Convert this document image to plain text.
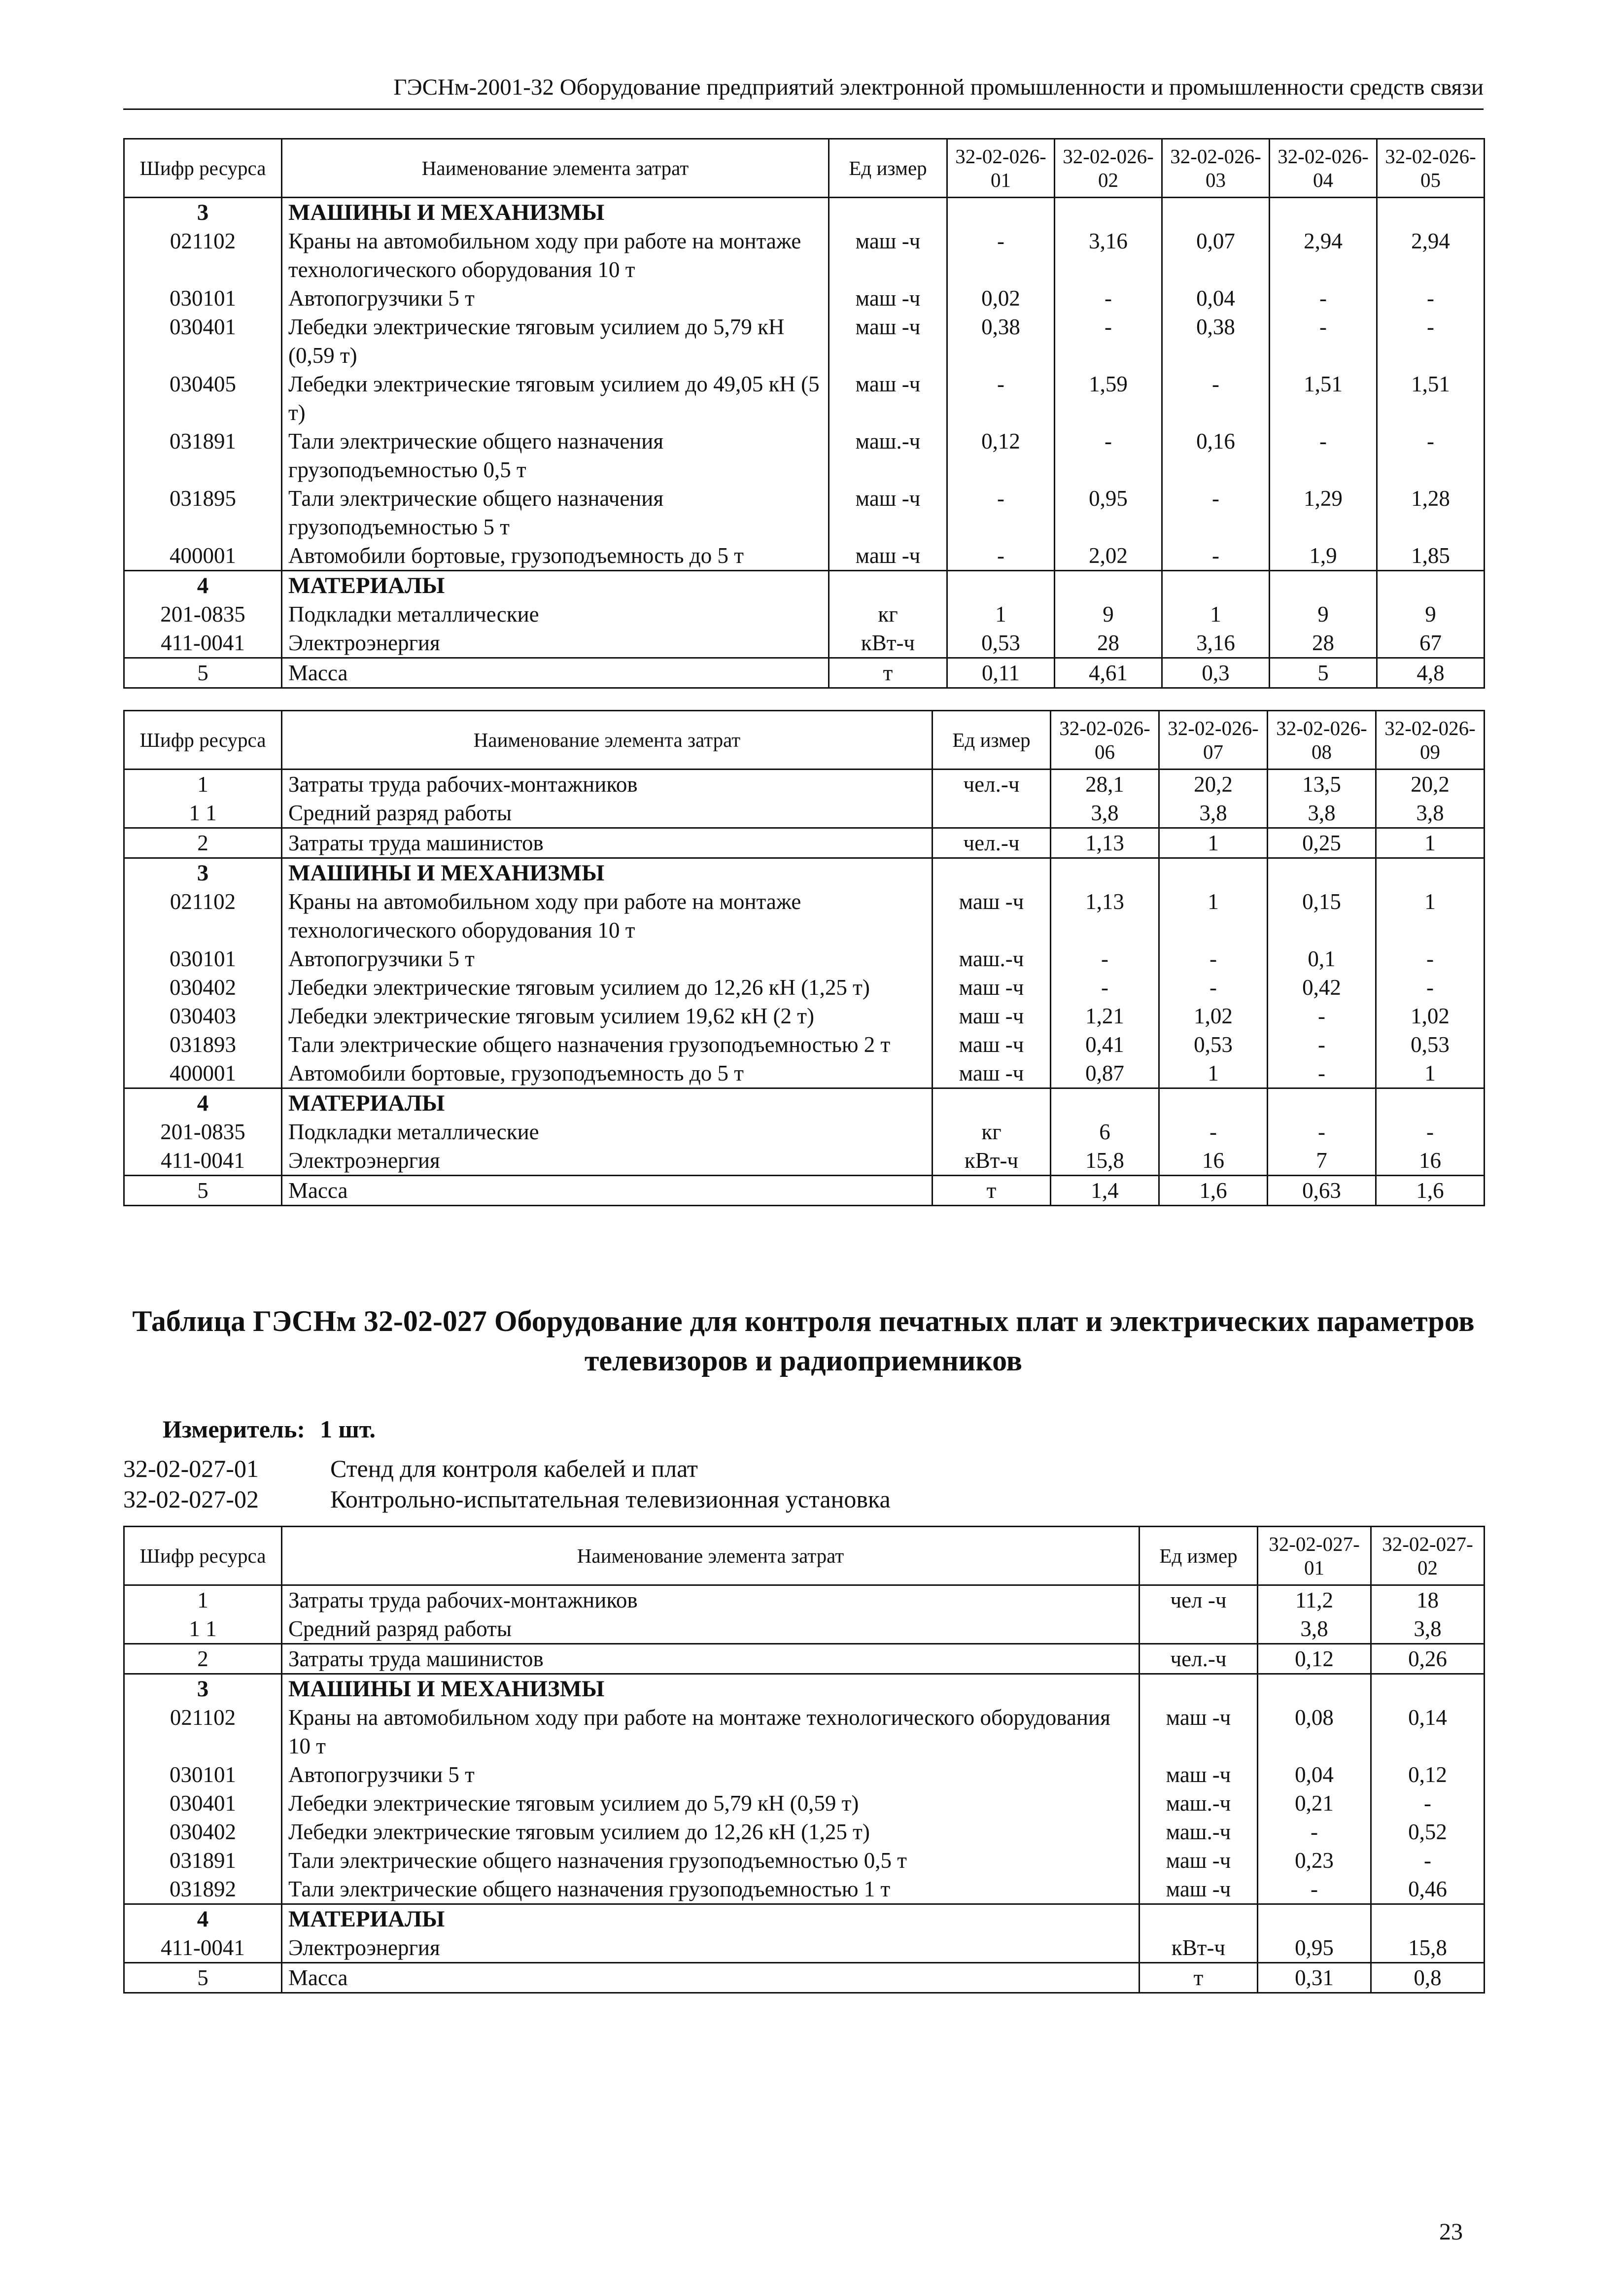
ГЭСНм-2001-32 Оборудование предприятий электронной промышленности и промышленности средств связи
Шифр ресурса	Наименование элемента затрат	Ед измер	32-02-026-01	32-02-026-02	32-02-026-03	32-02-026-04	32-02-026-05
3	МАШИНЫ И МЕХАНИЗМЫ						
021102	Краны на автомобильном ходу при работе на монтаже технологического оборудования 10 т	маш -ч	-	3,16	0,07	2,94	2,94
030101	Автопогрузчики 5 т	маш -ч	0,02	-	0,04	-	-
030401	Лебедки электрические тяговым усилием до 5,79 кН (0,59 т)	маш -ч	0,38	-	0,38	-	-
030405	Лебедки электрические тяговым усилием до 49,05 кН (5 т)	маш -ч	-	1,59	-	1,51	1,51
031891	Тали электрические общего назначения грузоподъемностью 0,5 т	маш.-ч	0,12	-	0,16	-	-
031895	Тали электрические общего назначения грузоподъемностью 5 т	маш -ч	-	0,95	-	1,29	1,28
400001	Автомобили бортовые, грузоподъемность до 5 т	маш -ч	-	2,02	-	1,9	1,85
4	МАТЕРИАЛЫ						
201-0835	Подкладки металлические	кг	1	9	1	9	9
411-0041	Электроэнергия	кВт-ч	0,53	28	3,16	28	67
5	Масса	т	0,11	4,61	0,3	5	4,8
Шифр ресурса	Наименование элемента затрат	Ед измер	32-02-026-06	32-02-026-07	32-02-026-08	32-02-026-09
1	Затраты труда рабочих-монтажников	чел.-ч	28,1	20,2	13,5	20,2
1 1	Средний разряд работы		3,8	3,8	3,8	3,8
2	Затраты труда машинистов	чел.-ч	1,13	1	0,25	1
3	МАШИНЫ И МЕХАНИЗМЫ					
021102	Краны на автомобильном ходу при работе на монтаже технологического оборудования 10 т	маш -ч	1,13	1	0,15	1
030101	Автопогрузчики 5 т	маш.-ч	-	-	0,1	-
030402	Лебедки электрические тяговым усилием до 12,26 кН (1,25 т)	маш -ч	-	-	0,42	-
030403	Лебедки электрические тяговым усилием 19,62 кН (2 т)	маш -ч	1,21	1,02	-	1,02
031893	Тали электрические общего назначения грузоподъемностью 2 т	маш -ч	0,41	0,53	-	0,53
400001	Автомобили бортовые, грузоподъемность до 5 т	маш -ч	0,87	1	-	1
4	МАТЕРИАЛЫ					
201-0835	Подкладки металлические	кг	6	-	-	-
411-0041	Электроэнергия	кВт-ч	15,8	16	7	16
5	Масса	т	1,4	1,6	0,63	1,6
Таблица ГЭСНм 32-02-027 Оборудование для контроля печатных плат и электрических параметров телевизоров и радиоприемников
Измеритель: 1 шт.
32-02-027-01	Стенд для контроля кабелей и плат
32-02-027-02	Контрольно-испытательная телевизионная установка
Шифр ресурса	Наименование элемента затрат	Ед измер	32-02-027-01	32-02-027-02
1	Затраты труда рабочих-монтажников	чел -ч	11,2	18
1 1	Средний разряд работы		3,8	3,8
2	Затраты труда машинистов	чел.-ч	0,12	0,26
3	МАШИНЫ И МЕХАНИЗМЫ			
021102	Краны на автомобильном ходу при работе на монтаже технологического оборудования 10 т	маш -ч	0,08	0,14
030101	Автопогрузчики 5 т	маш -ч	0,04	0,12
030401	Лебедки электрические тяговым усилием до 5,79 кН (0,59 т)	маш.-ч	0,21	-
030402	Лебедки электрические тяговым усилием до 12,26 кН (1,25 т)	маш.-ч	-	0,52
031891	Тали электрические общего назначения грузоподъемностью 0,5 т	маш -ч	0,23	-
031892	Тали электрические общего назначения грузоподъемностью 1 т	маш -ч	-	0,46
4	МАТЕРИАЛЫ			
411-0041	Электроэнергия	кВт-ч	0,95	15,8
5	Масса	т	0,31	0,8
23
